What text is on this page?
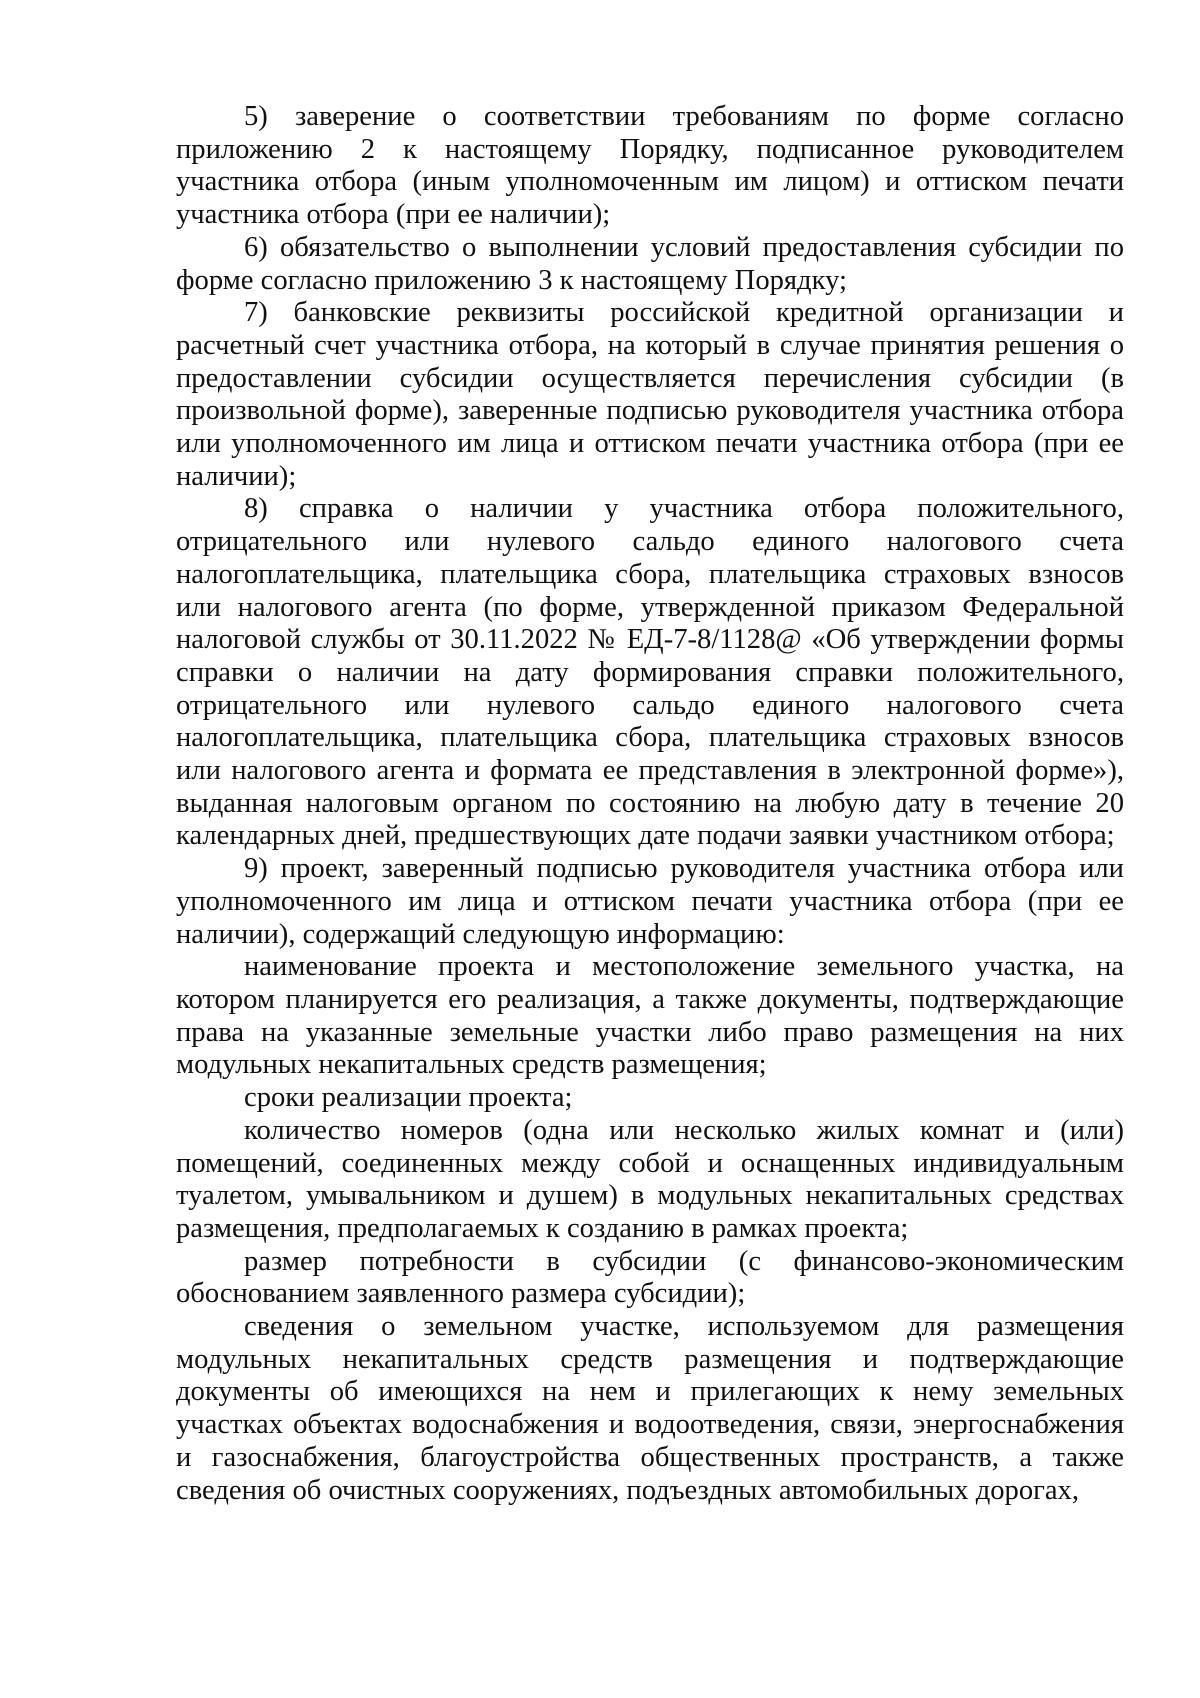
5) заверение о соответствии требованиям по форме согласно приложению 2 к настоящему Порядку, подписанное руководителем участника отбора (иным уполномоченным им лицом) и оттиском печати участника отбора (при ее наличии);

6) обязательство о выполнении условий предоставления субсидии по форме согласно приложению 3 к настоящему Порядку;

7) банковские реквизиты российской кредитной организации и расчетный счет участника отбора, на который в случае принятия решения о предоставлении субсидии осуществляется перечисления субсидии (в произвольной форме), заверенные подписью руководителя участника отбора или уполномоченного им лица и оттиском печати участника отбора (при ее наличии);

8) справка о наличии у участника отбора положительного, отрицательного или нулевого сальдо единого налогового счета налогоплательщика, плательщика сбора, плательщика страховых взносов или налогового агента (по форме, утвержденной приказом Федеральной налоговой службы от 30.11.2022 № ЕД-7-8/1128@ «Об утверждении формы справки о наличии на дату формирования справки положительного, отрицательного или нулевого сальдо единого налогового счета налогоплательщика, плательщика сбора, плательщика страховых взносов или налогового агента и формата ее представления в электронной форме»), выданная налоговым органом по состоянию на любую дату в течение 20 календарных дней, предшествующих дате подачи заявки участником отбора;

9) проект, заверенный подписью руководителя участника отбора или уполномоченного им лица и оттиском печати участника отбора (при ее наличии), содержащий следующую информацию:

наименование проекта и местоположение земельного участка, на котором планируется его реализация, а также документы, подтверждающие права на указанные земельные участки либо право размещения на них модульных некапитальных средств размещения;

сроки реализации проекта;

количество номеров (одна или несколько жилых комнат и (или) помещений, соединенных между собой и оснащенных индивидуальным туалетом, умывальником и душем) в модульных некапитальных средствах размещения, предполагаемых к созданию в рамках проекта;

размер потребности в субсидии (с финансово-экономическим обоснованием заявленного размера субсидии);

сведения о земельном участке, используемом для размещения модульных некапитальных средств размещения и подтверждающие документы об имеющихся на нем и прилегающих к нему земельных участках объектах водоснабжения и водоотведения, связи, энергоснабжения и газоснабжения, благоустройства общественных пространств, а также сведения об очистных сооружениях, подъездных автомобильных дорогах,
